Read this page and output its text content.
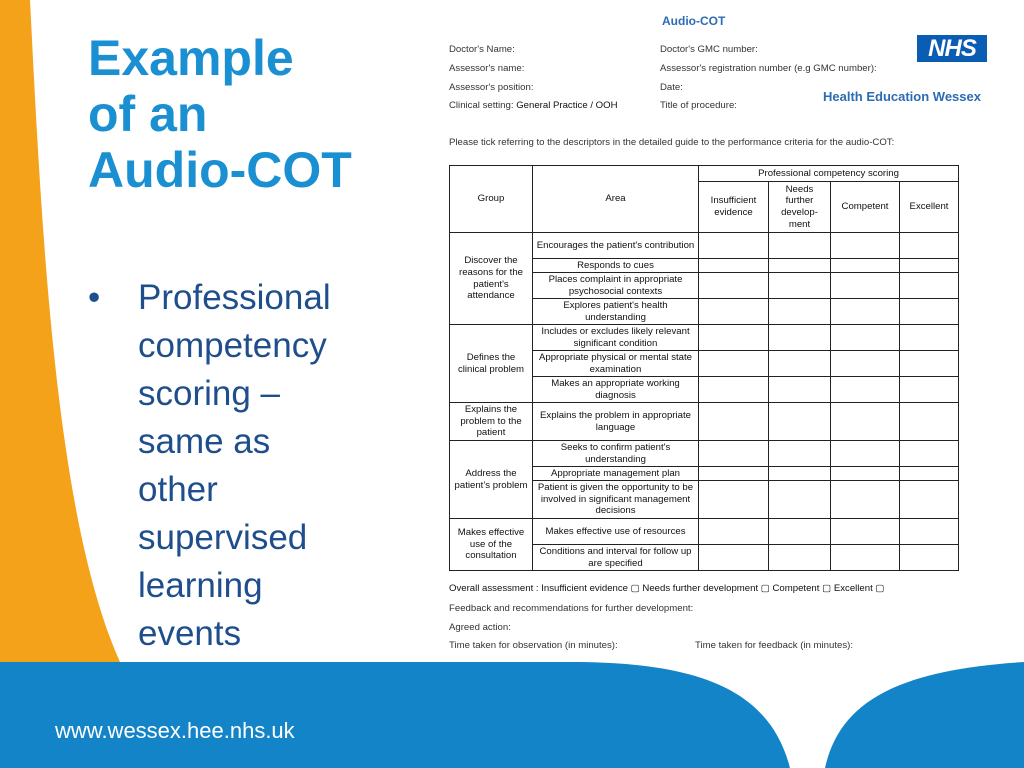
Example
of an
Audio-COT
• Professional
competency
scoring –
same as
other
supervised
learning
events
NHS
Health Education Wessex
Audio-COT
Doctor's Name:
Assessor's name:
Assessor's position:
Clinical setting: General Practice / OOH
Doctor's GMC number:
Assessor's registration number (e.g GMC number):
Date:
Title of procedure:
Please tick referring to the descriptors in the detailed guide to the performance criteria for the audio-COT:
Group	Area	Professional competency scoring			
		Insufficient evidence	Needs further develop-ment	Competent	Excellent
Discover the reasons for the patient's attendance	Encourages the patient's contribution				
	Responds to cues				
	Places complaint in appropriate psychosocial contexts				
	Explores patient's health understanding				
Defines the clinical problem	Includes or excludes likely relevant significant condition				
	Appropriate physical or mental state examination				
	Makes an appropriate working diagnosis				
Explains the problem to the patient	Explains the problem in appropriate language				
Address the patient’s problem	Seeks to confirm patient's understanding				
	Appropriate management plan				
	Patient is given the opportunity to be involved in significant management decisions				
Makes effective use of the consultation	Makes effective use of resources				
	Conditions and interval for follow up are specified				
Overall assessment : Insufficient evidence ▢ Needs further development ▢ Competent ▢ Excellent ▢
Feedback and recommendations for further development:
Agreed action:
Time taken for observation (in minutes):	Time taken for feedback (in minutes):
www.wessex.hee.nhs.uk
